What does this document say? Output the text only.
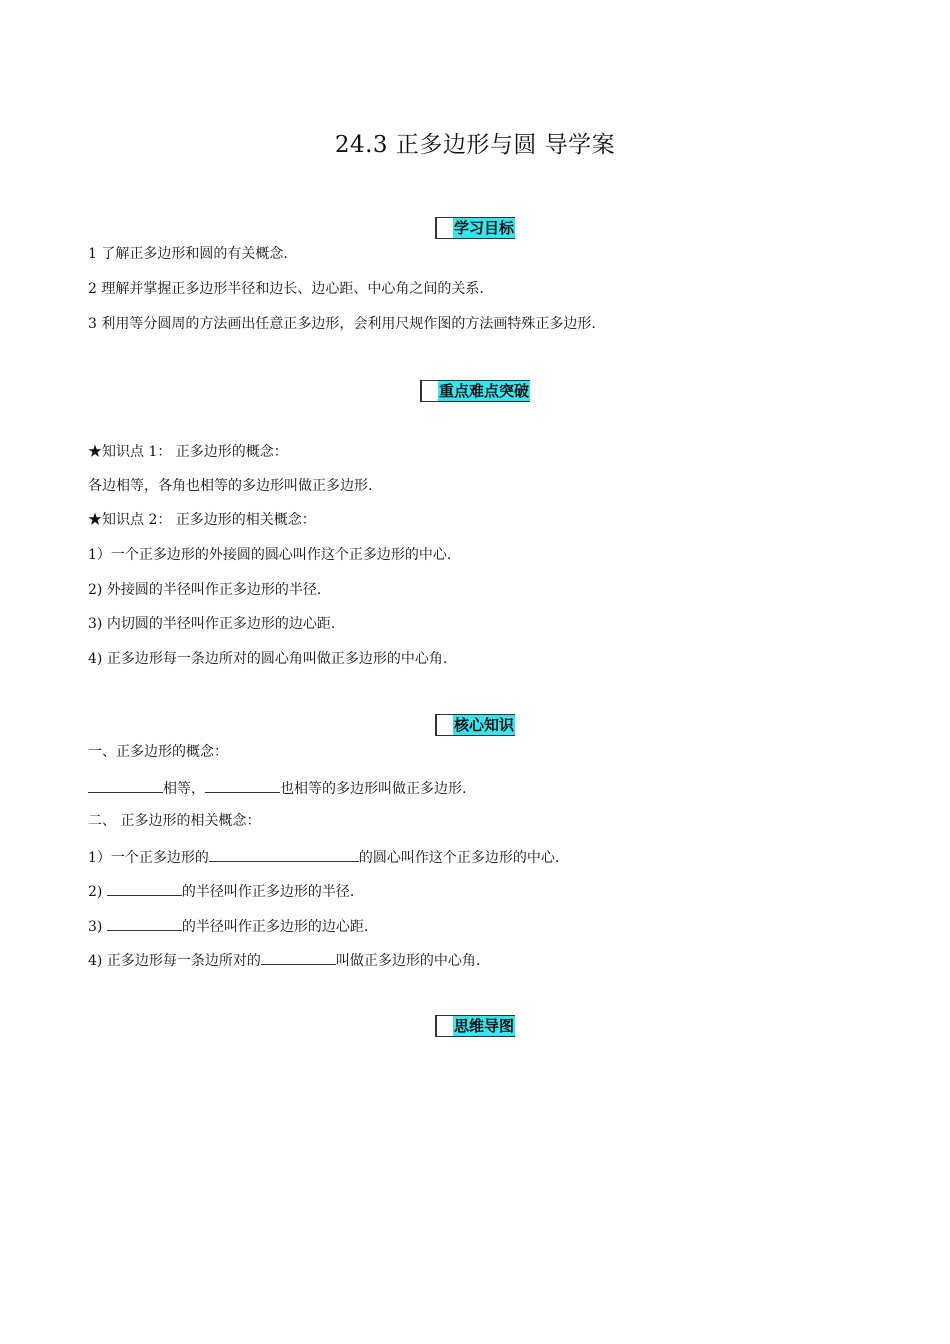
24.3 正多边形与圆 导学案
学习目标
1 了解正多边形和圆的有关概念.
2 理解并掌握正多边形半径和边长、边心距、中心角之间的关系.
3 利用等分圆周的方法画出任意正多边形，会利用尺规作图的方法画特殊正多边形.
重点难点突破
★知识点 1： 正多边形的概念：
各边相等，各角也相等的多边形叫做正多边形.
★知识点 2： 正多边形的相关概念：
1）一个正多边形的外接圆的圆心叫作这个正多边形的中心.
2) 外接圆的半径叫作正多边形的半径.
3) 内切圆的半径叫作正多边形的边心距.
4) 正多边形每一条边所对的圆心角叫做正多边形的中心角.
核心知识
一、正多边形的概念：
相等，	也相等的多边形叫做正多边形.
二、 正多边形的相关概念：
1）一个正多边形的	的圆心叫作这个正多边形的中心.
2)	的半径叫作正多边形的半径.
3)	的半径叫作正多边形的边心距.
4) 正多边形每一条边所对的	叫做正多边形的中心角.
思维导图
